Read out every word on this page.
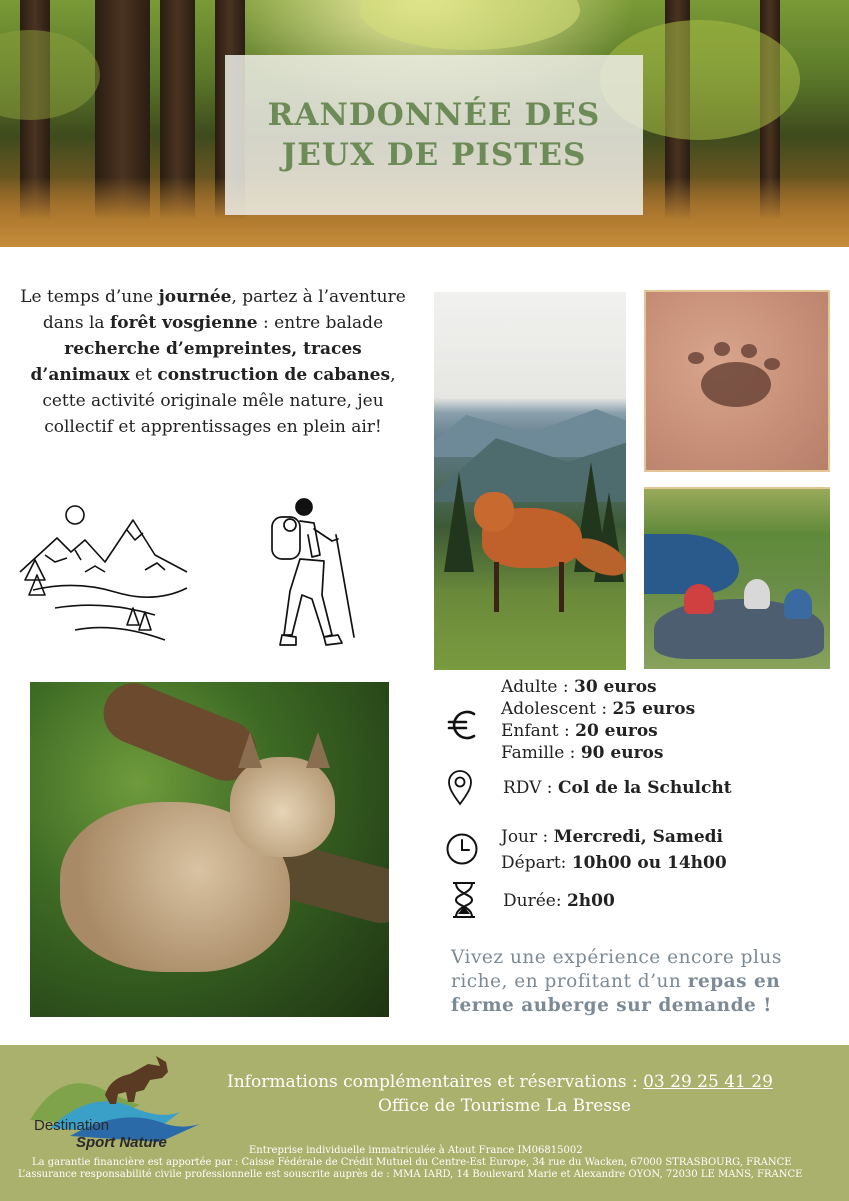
RANDONNÉE DES
JEUX DE PISTES

Le temps d’une journée, partez à l’aventure dans la forêt vosgienne : entre balade recherche d’empreintes, traces d’animaux et construction de cabanes, cette activité originale mêle nature, jeu collectif et apprentissages en plein air!

Adulte : 30 euros
Adolescent : 25 euros
Enfant : 20 euros
Famille : 90 euros
RDV : Col de la Schulcht
Jour : Mercredi, Samedi
Départ: 10h00 ou 14h00
Durée: 2h00

Vivez une expérience encore plus riche, en profitant d’un repas en ferme auberge sur demande !

Destination
Sport Nature
Informations complémentaires et réservations : 03 29 25 41 29
Office de Tourisme La Bresse
Entreprise individuelle immatriculée à Atout France IM06815002
La garantie financière est apportée par : Caisse Fédérale de Crédit Mutuel du Centre-Est Europe, 34 rue du Wacken, 67000 STRASBOURG, FRANCE
L’assurance responsabilité civile professionnelle est souscrite auprès de : MMA IARD, 14 Boulevard Marie et Alexandre OYON, 72030 LE MANS, FRANCE
